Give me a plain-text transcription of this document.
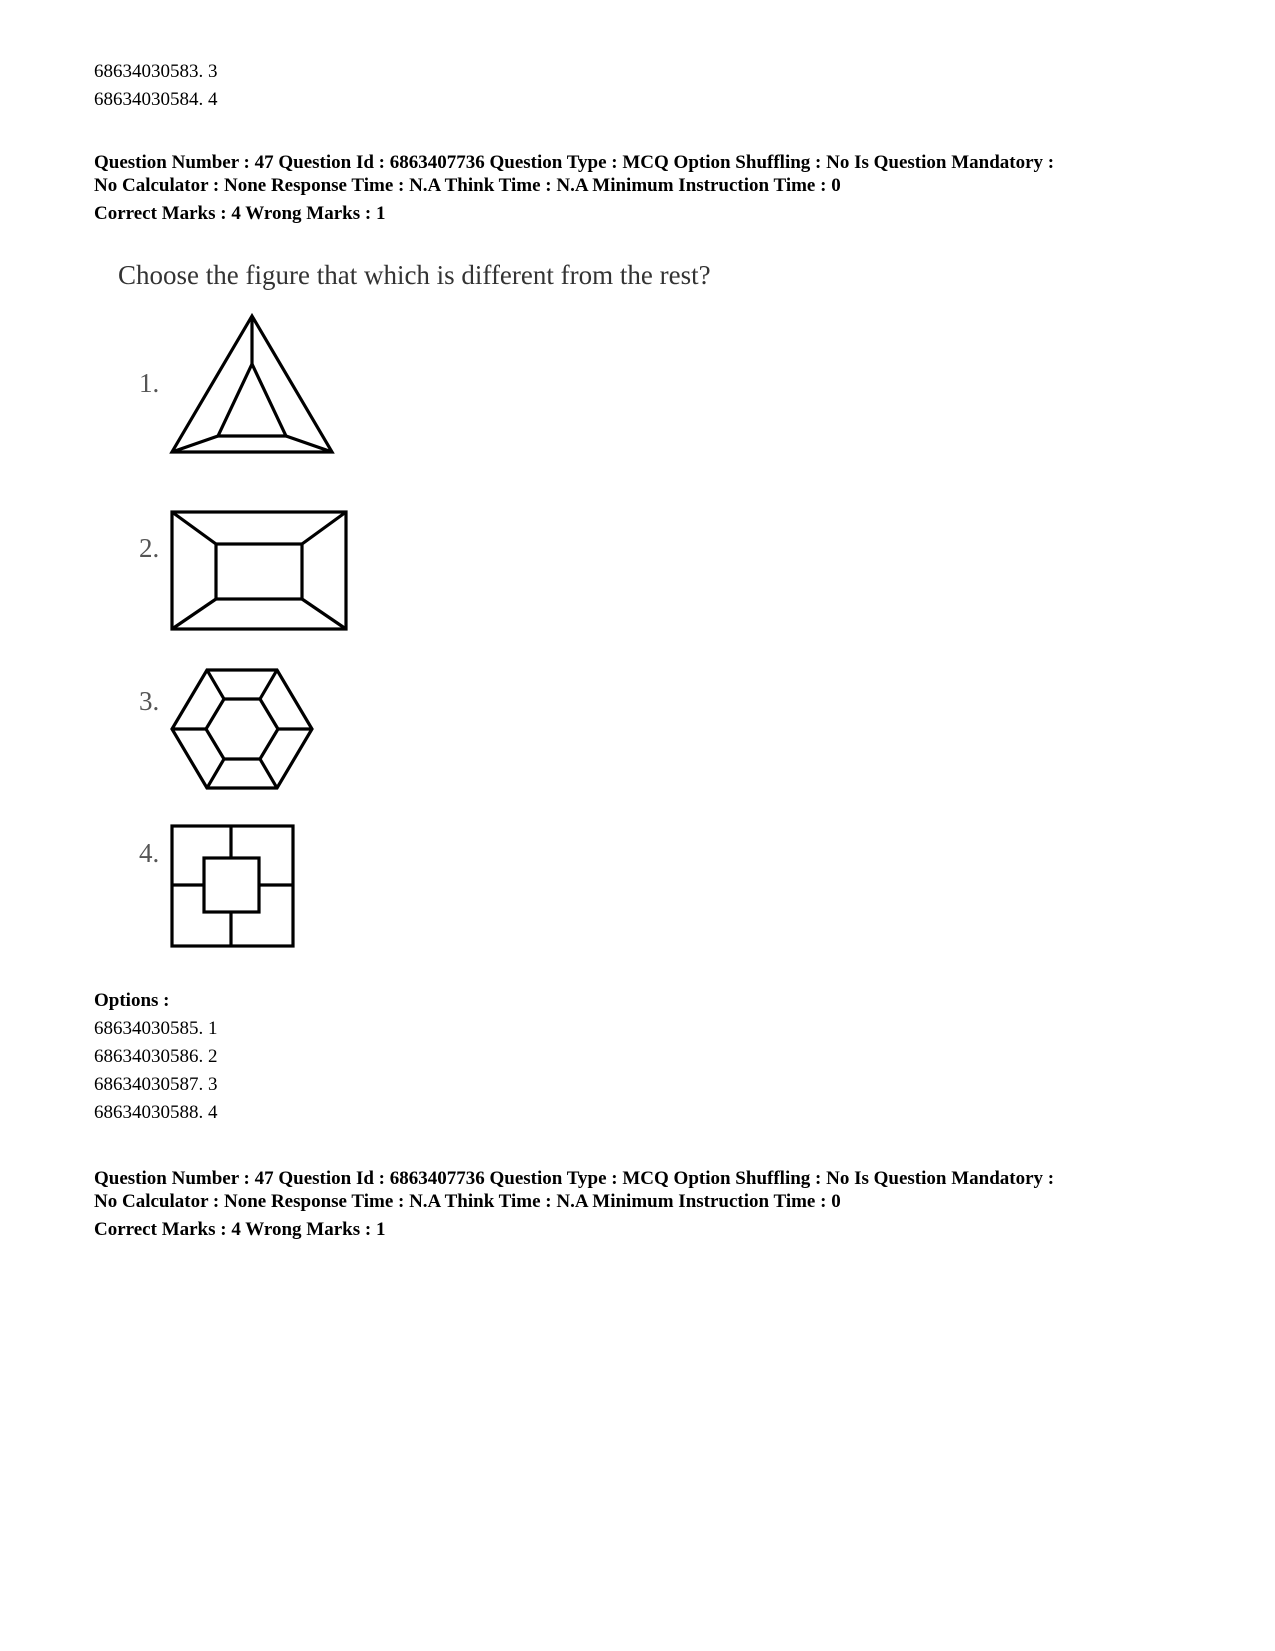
68634030583. 3
68634030584. 4
Question Number : 47 Question Id : 6863407736 Question Type : MCQ Option Shuffling : No Is Question Mandatory :
No Calculator : None Response Time : N.A Think Time : N.A Minimum Instruction Time : 0
Correct Marks : 4 Wrong Marks : 1
Choose the figure that which is different from the rest?
1.
2.
3.
4.
Options :
68634030585. 1
68634030586. 2
68634030587. 3
68634030588. 4
Question Number : 47 Question Id : 6863407736 Question Type : MCQ Option Shuffling : No Is Question Mandatory :
No Calculator : None Response Time : N.A Think Time : N.A Minimum Instruction Time : 0
Correct Marks : 4 Wrong Marks : 1
